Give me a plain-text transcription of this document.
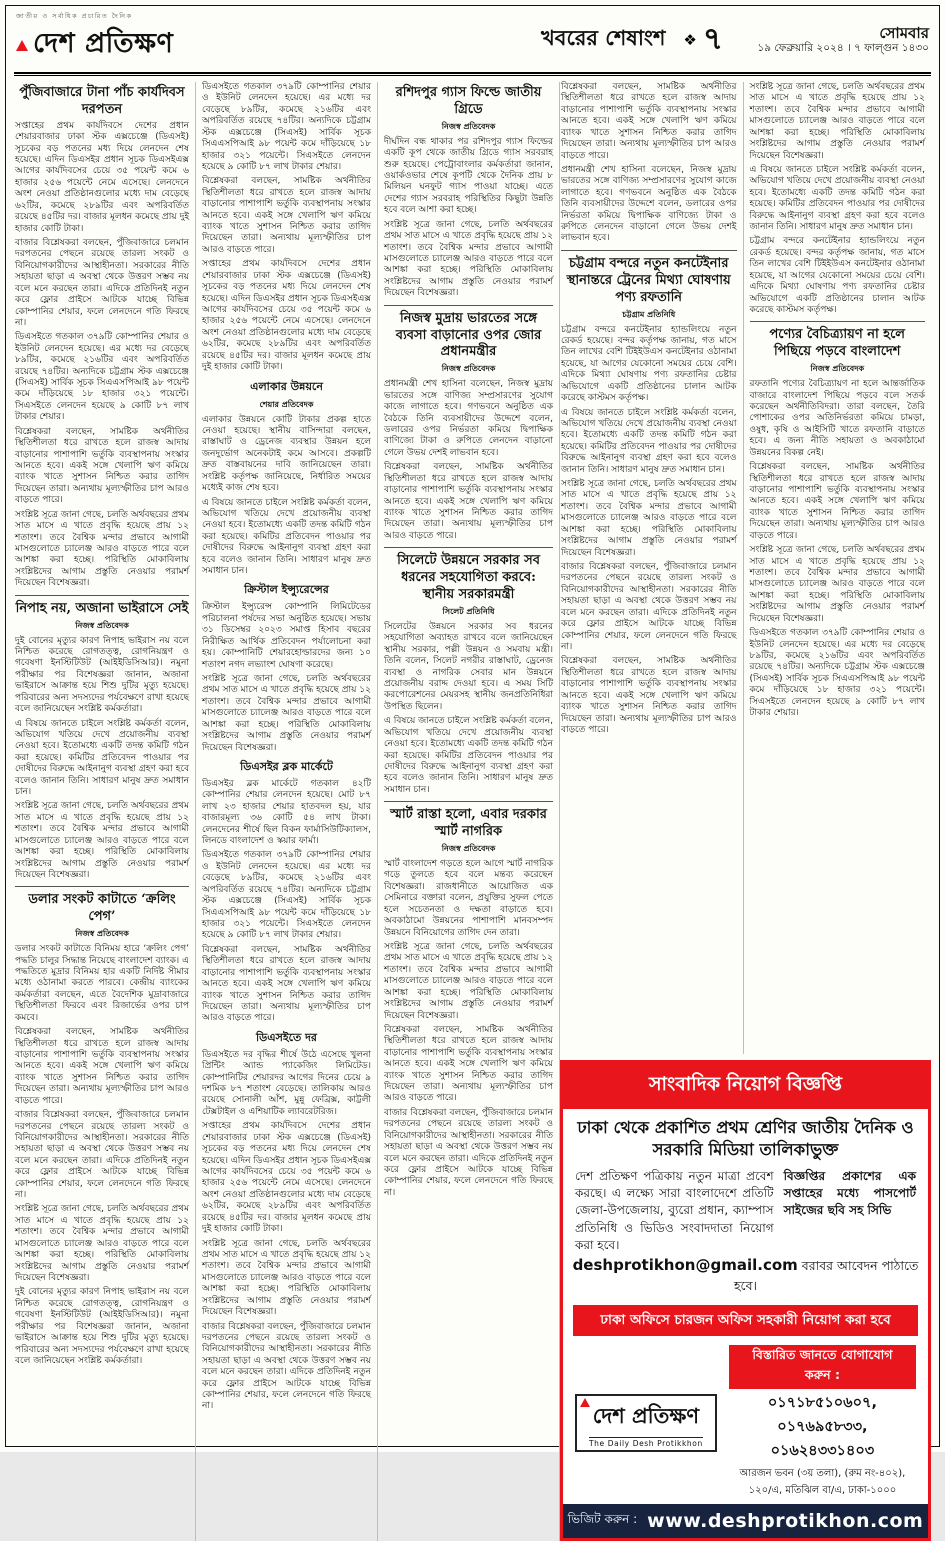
জাতীয় ও সর্বাধিক প্রচারিত দৈনিক
দেশ প্রতিক্ষণ	খবরের শেষাংশ ❖ ৭	সোমবার
১৯ ফেব্রুয়ারি ২০২৪ । ৭ ফাল্গুন ১৪৩০
পুঁজিবাজারে টানা পাঁচ কার্যদিবস দরপতন
সপ্তাহের প্রথম কার্যদিবসে দেশের প্রধান শেয়ারবাজার ঢাকা স্টক এক্সচেঞ্জে (ডিএসই) সূচকের বড় পতনের মধ্য দিয়ে লেনদেন শেষ হয়েছে। এদিন ডিএসইর প্রধান সূচক ডিএসইএক্স আগের কার্যদিবসের চেয়ে ৩৫ পয়েন্ট কমে ৬ হাজার ২৫৬ পয়েন্টে নেমে এসেছে। লেনদেনে অংশ নেওয়া প্রতিষ্ঠানগুলোর মধ্যে দাম বেড়েছে ৬২টির, কমেছে ২৮৯টির এবং অপরিবর্তিত রয়েছে ৪৫টির দর। বাজার মূলধন কমেছে প্রায় দুই হাজার কোটি টাকা।
বাজার বিশ্লেষকরা বলছেন, পুঁজিবাজারে চলমান দরপতনের পেছনে রয়েছে তারল্য সংকট ও বিনিয়োগকারীদের আস্থাহীনতা। সরকারের নীতি সহায়তা ছাড়া এ অবস্থা থেকে উত্তরণ সম্ভব নয় বলে মনে করছেন তারা। এদিকে প্রতিদিনই নতুন করে ফ্লোর প্রাইসে আটকে যাচ্ছে বিভিন্ন কোম্পানির শেয়ার, ফলে লেনদেনে গতি ফিরছে না।
ডিএসইতে গতকাল ৩৭৯টি কোম্পানির শেয়ার ও ইউনিট লেনদেন হয়েছে। এর মধ্যে দর বেড়েছে ৮৯টির, কমেছে ২১৬টির এবং অপরিবর্তিত রয়েছে ৭৪টির। অন্যদিকে চট্টগ্রাম স্টক এক্সচেঞ্জে (সিএসই) সার্বিক সূচক সিএএসপিআই ৯৮ পয়েন্ট কমে দাঁড়িয়েছে ১৮ হাজার ৩২১ পয়েন্টে। সিএসইতে লেনদেন হয়েছে ৯ কোটি ৮৭ লাখ টাকার শেয়ার।
বিশ্লেষকরা বলছেন, সামষ্টিক অর্থনীতির স্থিতিশীলতা ধরে রাখতে হলে রাজস্ব আদায় বাড়ানোর পাশাপাশি ভর্তুকি ব্যবস্থাপনায় সংস্কার আনতে হবে। একই সঙ্গে খেলাপি ঋণ কমিয়ে ব্যাংক খাতে সুশাসন নিশ্চিত করার তাগিদ দিয়েছেন তারা। অন্যথায় মূল্যস্ফীতির চাপ আরও বাড়তে পারে।
সংশ্লিষ্ট সূত্রে জানা গেছে, চলতি অর্থবছরের প্রথম সাত মাসে এ খাতে প্রবৃদ্ধি হয়েছে প্রায় ১২ শতাংশ। তবে বৈশ্বিক মন্দার প্রভাবে আগামী মাসগুলোতে চ্যালেঞ্জ আরও বাড়তে পারে বলে আশঙ্কা করা হচ্ছে। পরিস্থিতি মোকাবিলায় সংশ্লিষ্টদের আগাম প্রস্তুতি নেওয়ার পরামর্শ দিয়েছেন বিশেষজ্ঞরা।
নিপাহ নয়, অজানা ভাইরাসে সেই
নিজস্ব প্রতিবেদক
দুই বোনের মৃত্যুর কারণ নিপাহ ভাইরাস নয় বলে নিশ্চিত করেছে রোগতত্ত্ব, রোগনিয়ন্ত্রণ ও গবেষণা ইনস্টিটিউট (আইইডিসিআর)। নমুনা পরীক্ষার পর বিশেষজ্ঞরা জানান, অজানা ভাইরাসে আক্রান্ত হয়ে শিশু দুটির মৃত্যু হয়েছে। পরিবারের অন্য সদস্যদের পর্যবেক্ষণে রাখা হয়েছে বলে জানিয়েছেন সংশ্লিষ্ট কর্মকর্তারা।
এ বিষয়ে জানতে চাইলে সংশ্লিষ্ট কর্মকর্তা বলেন, অভিযোগ খতিয়ে দেখে প্রয়োজনীয় ব্যবস্থা নেওয়া হবে। ইতোমধ্যে একটি তদন্ত কমিটি গঠন করা হয়েছে। কমিটির প্রতিবেদন পাওয়ার পর দোষীদের বিরুদ্ধে আইনানুগ ব্যবস্থা গ্রহণ করা হবে বলেও জানান তিনি। সাধারণ মানুষ দ্রুত সমাধান চান।
সংশ্লিষ্ট সূত্রে জানা গেছে, চলতি অর্থবছরের প্রথম সাত মাসে এ খাতে প্রবৃদ্ধি হয়েছে প্রায় ১২ শতাংশ। তবে বৈশ্বিক মন্দার প্রভাবে আগামী মাসগুলোতে চ্যালেঞ্জ আরও বাড়তে পারে বলে আশঙ্কা করা হচ্ছে। পরিস্থিতি মোকাবিলায় সংশ্লিষ্টদের আগাম প্রস্তুতি নেওয়ার পরামর্শ দিয়েছেন বিশেষজ্ঞরা।
ডলার সংকট কাটাতে ‘ক্রলিং পেগ’
নিজস্ব প্রতিবেদক
ডলার সংকট কাটাতে বিনিময় হারে ‘ক্রলিং পেগ’ পদ্ধতি চালুর সিদ্ধান্ত নিয়েছে বাংলাদেশ ব্যাংক। এ পদ্ধতিতে মুদ্রার বিনিময় হার একটি নির্দিষ্ট সীমার মধ্যে ওঠানামা করতে পারবে। কেন্দ্রীয় ব্যাংকের কর্মকর্তারা বলছেন, এতে বৈদেশিক মুদ্রাবাজারে স্থিতিশীলতা ফিরবে এবং রিজার্ভের ওপর চাপ কমবে।
বিশ্লেষকরা বলছেন, সামষ্টিক অর্থনীতির স্থিতিশীলতা ধরে রাখতে হলে রাজস্ব আদায় বাড়ানোর পাশাপাশি ভর্তুকি ব্যবস্থাপনায় সংস্কার আনতে হবে। একই সঙ্গে খেলাপি ঋণ কমিয়ে ব্যাংক খাতে সুশাসন নিশ্চিত করার তাগিদ দিয়েছেন তারা। অন্যথায় মূল্যস্ফীতির চাপ আরও বাড়তে পারে।
বাজার বিশ্লেষকরা বলছেন, পুঁজিবাজারে চলমান দরপতনের পেছনে রয়েছে তারল্য সংকট ও বিনিয়োগকারীদের আস্থাহীনতা। সরকারের নীতি সহায়তা ছাড়া এ অবস্থা থেকে উত্তরণ সম্ভব নয় বলে মনে করছেন তারা। এদিকে প্রতিদিনই নতুন করে ফ্লোর প্রাইসে আটকে যাচ্ছে বিভিন্ন কোম্পানির শেয়ার, ফলে লেনদেনে গতি ফিরছে না।
সংশ্লিষ্ট সূত্রে জানা গেছে, চলতি অর্থবছরের প্রথম সাত মাসে এ খাতে প্রবৃদ্ধি হয়েছে প্রায় ১২ শতাংশ। তবে বৈশ্বিক মন্দার প্রভাবে আগামী মাসগুলোতে চ্যালেঞ্জ আরও বাড়তে পারে বলে আশঙ্কা করা হচ্ছে। পরিস্থিতি মোকাবিলায় সংশ্লিষ্টদের আগাম প্রস্তুতি নেওয়ার পরামর্শ দিয়েছেন বিশেষজ্ঞরা।
দুই বোনের মৃত্যুর কারণ নিপাহ ভাইরাস নয় বলে নিশ্চিত করেছে রোগতত্ত্ব, রোগনিয়ন্ত্রণ ও গবেষণা ইনস্টিটিউট (আইইডিসিআর)। নমুনা পরীক্ষার পর বিশেষজ্ঞরা জানান, অজানা ভাইরাসে আক্রান্ত হয়ে শিশু দুটির মৃত্যু হয়েছে। পরিবারের অন্য সদস্যদের পর্যবেক্ষণে রাখা হয়েছে বলে জানিয়েছেন সংশ্লিষ্ট কর্মকর্তারা।
ডিএসইতে গতকাল ৩৭৯টি কোম্পানির শেয়ার ও ইউনিট লেনদেন হয়েছে। এর মধ্যে দর বেড়েছে ৮৯টির, কমেছে ২১৬টির এবং অপরিবর্তিত রয়েছে ৭৪টির। অন্যদিকে চট্টগ্রাম স্টক এক্সচেঞ্জে (সিএসই) সার্বিক সূচক সিএএসপিআই ৯৮ পয়েন্ট কমে দাঁড়িয়েছে ১৮ হাজার ৩২১ পয়েন্টে। সিএসইতে লেনদেন হয়েছে ৯ কোটি ৮৭ লাখ টাকার শেয়ার।
বিশ্লেষকরা বলছেন, সামষ্টিক অর্থনীতির স্থিতিশীলতা ধরে রাখতে হলে রাজস্ব আদায় বাড়ানোর পাশাপাশি ভর্তুকি ব্যবস্থাপনায় সংস্কার আনতে হবে। একই সঙ্গে খেলাপি ঋণ কমিয়ে ব্যাংক খাতে সুশাসন নিশ্চিত করার তাগিদ দিয়েছেন তারা। অন্যথায় মূল্যস্ফীতির চাপ আরও বাড়তে পারে।
সপ্তাহের প্রথম কার্যদিবসে দেশের প্রধান শেয়ারবাজার ঢাকা স্টক এক্সচেঞ্জে (ডিএসই) সূচকের বড় পতনের মধ্য দিয়ে লেনদেন শেষ হয়েছে। এদিন ডিএসইর প্রধান সূচক ডিএসইএক্স আগের কার্যদিবসের চেয়ে ৩৫ পয়েন্ট কমে ৬ হাজার ২৫৬ পয়েন্টে নেমে এসেছে। লেনদেনে অংশ নেওয়া প্রতিষ্ঠানগুলোর মধ্যে দাম বেড়েছে ৬২টির, কমেছে ২৮৯টির এবং অপরিবর্তিত রয়েছে ৪৫টির দর। বাজার মূলধন কমেছে প্রায় দুই হাজার কোটি টাকা।
এলাকার উন্নয়নে
শেয়ার প্রতিবেদক
এলাকার উন্নয়নে কোটি টাকার প্রকল্প হাতে নেওয়া হয়েছে। স্থানীয় বাসিন্দারা বলছেন, রাস্তাঘাট ও ড্রেনেজ ব্যবস্থার উন্নয়ন হলে জনদুর্ভোগ অনেকটাই কমে আসবে। প্রকল্পটি দ্রুত বাস্তবায়নের দাবি জানিয়েছেন তারা। সংশ্লিষ্ট কর্তৃপক্ষ জানিয়েছে, নির্ধারিত সময়ের মধ্যেই কাজ শেষ হবে।
এ বিষয়ে জানতে চাইলে সংশ্লিষ্ট কর্মকর্তা বলেন, অভিযোগ খতিয়ে দেখে প্রয়োজনীয় ব্যবস্থা নেওয়া হবে। ইতোমধ্যে একটি তদন্ত কমিটি গঠন করা হয়েছে। কমিটির প্রতিবেদন পাওয়ার পর দোষীদের বিরুদ্ধে আইনানুগ ব্যবস্থা গ্রহণ করা হবে বলেও জানান তিনি। সাধারণ মানুষ দ্রুত সমাধান চান।
ক্রিস্টাল ইন্স্যুরেন্সের
ক্রিস্টাল ইন্স্যুরেন্স কোম্পানি লিমিটেডের পরিচালনা পর্ষদের সভা অনুষ্ঠিত হয়েছে। সভায় ৩১ ডিসেম্বর ২০২৩ সমাপ্ত হিসাব বছরের নিরীক্ষিত আর্থিক প্রতিবেদন পর্যালোচনা করা হয়। কোম্পানিটি শেয়ারহোল্ডারদের জন্য ১০ শতাংশ নগদ লভ্যাংশ ঘোষণা করেছে।
সংশ্লিষ্ট সূত্রে জানা গেছে, চলতি অর্থবছরের প্রথম সাত মাসে এ খাতে প্রবৃদ্ধি হয়েছে প্রায় ১২ শতাংশ। তবে বৈশ্বিক মন্দার প্রভাবে আগামী মাসগুলোতে চ্যালেঞ্জ আরও বাড়তে পারে বলে আশঙ্কা করা হচ্ছে। পরিস্থিতি মোকাবিলায় সংশ্লিষ্টদের আগাম প্রস্তুতি নেওয়ার পরামর্শ দিয়েছেন বিশেষজ্ঞরা।
ডিএসইর ব্লক মার্কেটে
ডিএসইর ব্লক মার্কেটে গতকাল ৪২টি কোম্পানির শেয়ার লেনদেন হয়েছে। মোট ৮৭ লাখ ২৩ হাজার শেয়ার হাতবদল হয়, যার বাজারমূল্য ৩৬ কোটি ৫৪ লাখ টাকা। লেনদেনের শীর্ষে ছিল বিকন ফার্মাসিউটিক্যালস, লিনডে বাংলাদেশ ও স্কয়ার ফার্মা।
ডিএসইতে গতকাল ৩৭৯টি কোম্পানির শেয়ার ও ইউনিট লেনদেন হয়েছে। এর মধ্যে দর বেড়েছে ৮৯টির, কমেছে ২১৬টির এবং অপরিবর্তিত রয়েছে ৭৪টির। অন্যদিকে চট্টগ্রাম স্টক এক্সচেঞ্জে (সিএসই) সার্বিক সূচক সিএএসপিআই ৯৮ পয়েন্ট কমে দাঁড়িয়েছে ১৮ হাজার ৩২১ পয়েন্টে। সিএসইতে লেনদেন হয়েছে ৯ কোটি ৮৭ লাখ টাকার শেয়ার।
বিশ্লেষকরা বলছেন, সামষ্টিক অর্থনীতির স্থিতিশীলতা ধরে রাখতে হলে রাজস্ব আদায় বাড়ানোর পাশাপাশি ভর্তুকি ব্যবস্থাপনায় সংস্কার আনতে হবে। একই সঙ্গে খেলাপি ঋণ কমিয়ে ব্যাংক খাতে সুশাসন নিশ্চিত করার তাগিদ দিয়েছেন তারা। অন্যথায় মূল্যস্ফীতির চাপ আরও বাড়তে পারে।
ডিএসইতে দর
ডিএসইতে দর বৃদ্ধির শীর্ষে উঠে এসেছে খুলনা প্রিন্টিং অ্যান্ড প্যাকেজিং লিমিটেড। কোম্পানিটির শেয়ারদর আগের দিনের চেয়ে ৯ দশমিক ৮৭ শতাংশ বেড়েছে। তালিকায় আরও রয়েছে সোনালী আঁশ, মুন্নু ফেব্রিক্স, কাট্টলী টেক্সটাইল ও এশিয়াটিক ল্যাবরেটরিজ।
সপ্তাহের প্রথম কার্যদিবসে দেশের প্রধান শেয়ারবাজার ঢাকা স্টক এক্সচেঞ্জে (ডিএসই) সূচকের বড় পতনের মধ্য দিয়ে লেনদেন শেষ হয়েছে। এদিন ডিএসইর প্রধান সূচক ডিএসইএক্স আগের কার্যদিবসের চেয়ে ৩৫ পয়েন্ট কমে ৬ হাজার ২৫৬ পয়েন্টে নেমে এসেছে। লেনদেনে অংশ নেওয়া প্রতিষ্ঠানগুলোর মধ্যে দাম বেড়েছে ৬২টির, কমেছে ২৮৯টির এবং অপরিবর্তিত রয়েছে ৪৫টির দর। বাজার মূলধন কমেছে প্রায় দুই হাজার কোটি টাকা।
সংশ্লিষ্ট সূত্রে জানা গেছে, চলতি অর্থবছরের প্রথম সাত মাসে এ খাতে প্রবৃদ্ধি হয়েছে প্রায় ১২ শতাংশ। তবে বৈশ্বিক মন্দার প্রভাবে আগামী মাসগুলোতে চ্যালেঞ্জ আরও বাড়তে পারে বলে আশঙ্কা করা হচ্ছে। পরিস্থিতি মোকাবিলায় সংশ্লিষ্টদের আগাম প্রস্তুতি নেওয়ার পরামর্শ দিয়েছেন বিশেষজ্ঞরা।
বাজার বিশ্লেষকরা বলছেন, পুঁজিবাজারে চলমান দরপতনের পেছনে রয়েছে তারল্য সংকট ও বিনিয়োগকারীদের আস্থাহীনতা। সরকারের নীতি সহায়তা ছাড়া এ অবস্থা থেকে উত্তরণ সম্ভব নয় বলে মনে করছেন তারা। এদিকে প্রতিদিনই নতুন করে ফ্লোর প্রাইসে আটকে যাচ্ছে বিভিন্ন কোম্পানির শেয়ার, ফলে লেনদেনে গতি ফিরছে না।
রশিদপুর গ্যাস ফিল্ডে জাতীয় গ্রিডে
নিজস্ব প্রতিবেদক
দীর্ঘদিন বন্ধ থাকার পর রশিদপুর গ্যাস ফিল্ডের একটি কূপ থেকে জাতীয় গ্রিডে গ্যাস সরবরাহ শুরু হয়েছে। পেট্রোবাংলার কর্মকর্তারা জানান, ওয়ার্কওভার শেষে কূপটি থেকে দৈনিক প্রায় ৮ মিলিয়ন ঘনফুট গ্যাস পাওয়া যাচ্ছে। এতে দেশের গ্যাস সরবরাহ পরিস্থিতির কিছুটা উন্নতি হবে বলে আশা করা হচ্ছে।
সংশ্লিষ্ট সূত্রে জানা গেছে, চলতি অর্থবছরের প্রথম সাত মাসে এ খাতে প্রবৃদ্ধি হয়েছে প্রায় ১২ শতাংশ। তবে বৈশ্বিক মন্দার প্রভাবে আগামী মাসগুলোতে চ্যালেঞ্জ আরও বাড়তে পারে বলে আশঙ্কা করা হচ্ছে। পরিস্থিতি মোকাবিলায় সংশ্লিষ্টদের আগাম প্রস্তুতি নেওয়ার পরামর্শ দিয়েছেন বিশেষজ্ঞরা।
নিজস্ব মুদ্রায় ভারতের সঙ্গে ব্যবসা বাড়ানোর ওপর জোর প্রধানমন্ত্রীর
নিজস্ব প্রতিবেদক
প্রধানমন্ত্রী শেখ হাসিনা বলেছেন, নিজস্ব মুদ্রায় ভারতের সঙ্গে বাণিজ্য সম্প্রসারণের সুযোগ কাজে লাগাতে হবে। গণভবনে অনুষ্ঠিত এক বৈঠকে তিনি ব্যবসায়ীদের উদ্দেশে বলেন, ডলারের ওপর নির্ভরতা কমিয়ে দ্বিপাক্ষিক বাণিজ্যে টাকা ও রুপিতে লেনদেন বাড়ানো গেলে উভয় দেশই লাভবান হবে।
বিশ্লেষকরা বলছেন, সামষ্টিক অর্থনীতির স্থিতিশীলতা ধরে রাখতে হলে রাজস্ব আদায় বাড়ানোর পাশাপাশি ভর্তুকি ব্যবস্থাপনায় সংস্কার আনতে হবে। একই সঙ্গে খেলাপি ঋণ কমিয়ে ব্যাংক খাতে সুশাসন নিশ্চিত করার তাগিদ দিয়েছেন তারা। অন্যথায় মূল্যস্ফীতির চাপ আরও বাড়তে পারে।
সিলেটে উন্নয়নে সরকার সব ধরনের সহযোগিতা করবে: স্থানীয় সরকারমন্ত্রী
সিলেট প্রতিনিধি
সিলেটের উন্নয়নে সরকার সব ধরনের সহযোগিতা অব্যাহত রাখবে বলে জানিয়েছেন স্থানীয় সরকার, পল্লী উন্নয়ন ও সমবায় মন্ত্রী। তিনি বলেন, সিলেট নগরীর রাস্তাঘাট, ড্রেনেজ ব্যবস্থা ও নাগরিক সেবার মান উন্নয়নে প্রয়োজনীয় বরাদ্দ দেওয়া হবে। এ সময় সিটি করপোরেশনের মেয়রসহ স্থানীয় জনপ্রতিনিধিরা উপস্থিত ছিলেন।
এ বিষয়ে জানতে চাইলে সংশ্লিষ্ট কর্মকর্তা বলেন, অভিযোগ খতিয়ে দেখে প্রয়োজনীয় ব্যবস্থা নেওয়া হবে। ইতোমধ্যে একটি তদন্ত কমিটি গঠন করা হয়েছে। কমিটির প্রতিবেদন পাওয়ার পর দোষীদের বিরুদ্ধে আইনানুগ ব্যবস্থা গ্রহণ করা হবে বলেও জানান তিনি। সাধারণ মানুষ দ্রুত সমাধান চান।
স্মার্ট রাস্তা হলো, এবার দরকার স্মার্ট নাগরিক
নিজস্ব প্রতিবেদক
স্মার্ট বাংলাদেশ গড়তে হলে আগে স্মার্ট নাগরিক গড়ে তুলতে হবে বলে মন্তব্য করেছেন বিশেষজ্ঞরা। রাজধানীতে আয়োজিত এক সেমিনারে বক্তারা বলেন, প্রযুক্তির সুফল পেতে হলে সচেতনতা ও দক্ষতা বাড়াতে হবে। অবকাঠামো উন্নয়নের পাশাপাশি মানবসম্পদ উন্নয়নে বিনিয়োগের তাগিদ দেন তারা।
সংশ্লিষ্ট সূত্রে জানা গেছে, চলতি অর্থবছরের প্রথম সাত মাসে এ খাতে প্রবৃদ্ধি হয়েছে প্রায় ১২ শতাংশ। তবে বৈশ্বিক মন্দার প্রভাবে আগামী মাসগুলোতে চ্যালেঞ্জ আরও বাড়তে পারে বলে আশঙ্কা করা হচ্ছে। পরিস্থিতি মোকাবিলায় সংশ্লিষ্টদের আগাম প্রস্তুতি নেওয়ার পরামর্শ দিয়েছেন বিশেষজ্ঞরা।
বিশ্লেষকরা বলছেন, সামষ্টিক অর্থনীতির স্থিতিশীলতা ধরে রাখতে হলে রাজস্ব আদায় বাড়ানোর পাশাপাশি ভর্তুকি ব্যবস্থাপনায় সংস্কার আনতে হবে। একই সঙ্গে খেলাপি ঋণ কমিয়ে ব্যাংক খাতে সুশাসন নিশ্চিত করার তাগিদ দিয়েছেন তারা। অন্যথায় মূল্যস্ফীতির চাপ আরও বাড়তে পারে।
বাজার বিশ্লেষকরা বলছেন, পুঁজিবাজারে চলমান দরপতনের পেছনে রয়েছে তারল্য সংকট ও বিনিয়োগকারীদের আস্থাহীনতা। সরকারের নীতি সহায়তা ছাড়া এ অবস্থা থেকে উত্তরণ সম্ভব নয় বলে মনে করছেন তারা। এদিকে প্রতিদিনই নতুন করে ফ্লোর প্রাইসে আটকে যাচ্ছে বিভিন্ন কোম্পানির শেয়ার, ফলে লেনদেনে গতি ফিরছে না।
বিশ্লেষকরা বলছেন, সামষ্টিক অর্থনীতির স্থিতিশীলতা ধরে রাখতে হলে রাজস্ব আদায় বাড়ানোর পাশাপাশি ভর্তুকি ব্যবস্থাপনায় সংস্কার আনতে হবে। একই সঙ্গে খেলাপি ঋণ কমিয়ে ব্যাংক খাতে সুশাসন নিশ্চিত করার তাগিদ দিয়েছেন তারা। অন্যথায় মূল্যস্ফীতির চাপ আরও বাড়তে পারে।
প্রধানমন্ত্রী শেখ হাসিনা বলেছেন, নিজস্ব মুদ্রায় ভারতের সঙ্গে বাণিজ্য সম্প্রসারণের সুযোগ কাজে লাগাতে হবে। গণভবনে অনুষ্ঠিত এক বৈঠকে তিনি ব্যবসায়ীদের উদ্দেশে বলেন, ডলারের ওপর নির্ভরতা কমিয়ে দ্বিপাক্ষিক বাণিজ্যে টাকা ও রুপিতে লেনদেন বাড়ানো গেলে উভয় দেশই লাভবান হবে।
চট্টগ্রাম বন্দরে নতুন কনটেইনার স্থানান্তরে ট্রেনের মিথ্যা ঘোষণায় পণ্য রফতানি
চট্টগ্রাম প্রতিনিধি
চট্টগ্রাম বন্দরে কনটেইনার হ্যান্ডলিংয়ে নতুন রেকর্ড হয়েছে। বন্দর কর্তৃপক্ষ জানায়, গত মাসে তিন লাখের বেশি টিইইউএস কনটেইনার ওঠানামা হয়েছে, যা আগের যেকোনো সময়ের চেয়ে বেশি। এদিকে মিথ্যা ঘোষণায় পণ্য রফতানির চেষ্টার অভিযোগে একটি প্রতিষ্ঠানের চালান আটক করেছে কাস্টমস কর্তৃপক্ষ।
এ বিষয়ে জানতে চাইলে সংশ্লিষ্ট কর্মকর্তা বলেন, অভিযোগ খতিয়ে দেখে প্রয়োজনীয় ব্যবস্থা নেওয়া হবে। ইতোমধ্যে একটি তদন্ত কমিটি গঠন করা হয়েছে। কমিটির প্রতিবেদন পাওয়ার পর দোষীদের বিরুদ্ধে আইনানুগ ব্যবস্থা গ্রহণ করা হবে বলেও জানান তিনি। সাধারণ মানুষ দ্রুত সমাধান চান।
সংশ্লিষ্ট সূত্রে জানা গেছে, চলতি অর্থবছরের প্রথম সাত মাসে এ খাতে প্রবৃদ্ধি হয়েছে প্রায় ১২ শতাংশ। তবে বৈশ্বিক মন্দার প্রভাবে আগামী মাসগুলোতে চ্যালেঞ্জ আরও বাড়তে পারে বলে আশঙ্কা করা হচ্ছে। পরিস্থিতি মোকাবিলায় সংশ্লিষ্টদের আগাম প্রস্তুতি নেওয়ার পরামর্শ দিয়েছেন বিশেষজ্ঞরা।
বাজার বিশ্লেষকরা বলছেন, পুঁজিবাজারে চলমান দরপতনের পেছনে রয়েছে তারল্য সংকট ও বিনিয়োগকারীদের আস্থাহীনতা। সরকারের নীতি সহায়তা ছাড়া এ অবস্থা থেকে উত্তরণ সম্ভব নয় বলে মনে করছেন তারা। এদিকে প্রতিদিনই নতুন করে ফ্লোর প্রাইসে আটকে যাচ্ছে বিভিন্ন কোম্পানির শেয়ার, ফলে লেনদেনে গতি ফিরছে না।
বিশ্লেষকরা বলছেন, সামষ্টিক অর্থনীতির স্থিতিশীলতা ধরে রাখতে হলে রাজস্ব আদায় বাড়ানোর পাশাপাশি ভর্তুকি ব্যবস্থাপনায় সংস্কার আনতে হবে। একই সঙ্গে খেলাপি ঋণ কমিয়ে ব্যাংক খাতে সুশাসন নিশ্চিত করার তাগিদ দিয়েছেন তারা। অন্যথায় মূল্যস্ফীতির চাপ আরও বাড়তে পারে।
সংশ্লিষ্ট সূত্রে জানা গেছে, চলতি অর্থবছরের প্রথম সাত মাসে এ খাতে প্রবৃদ্ধি হয়েছে প্রায় ১২ শতাংশ। তবে বৈশ্বিক মন্দার প্রভাবে আগামী মাসগুলোতে চ্যালেঞ্জ আরও বাড়তে পারে বলে আশঙ্কা করা হচ্ছে। পরিস্থিতি মোকাবিলায় সংশ্লিষ্টদের আগাম প্রস্তুতি নেওয়ার পরামর্শ দিয়েছেন বিশেষজ্ঞরা।
এ বিষয়ে জানতে চাইলে সংশ্লিষ্ট কর্মকর্তা বলেন, অভিযোগ খতিয়ে দেখে প্রয়োজনীয় ব্যবস্থা নেওয়া হবে। ইতোমধ্যে একটি তদন্ত কমিটি গঠন করা হয়েছে। কমিটির প্রতিবেদন পাওয়ার পর দোষীদের বিরুদ্ধে আইনানুগ ব্যবস্থা গ্রহণ করা হবে বলেও জানান তিনি। সাধারণ মানুষ দ্রুত সমাধান চান।
চট্টগ্রাম বন্দরে কনটেইনার হ্যান্ডলিংয়ে নতুন রেকর্ড হয়েছে। বন্দর কর্তৃপক্ষ জানায়, গত মাসে তিন লাখের বেশি টিইইউএস কনটেইনার ওঠানামা হয়েছে, যা আগের যেকোনো সময়ের চেয়ে বেশি। এদিকে মিথ্যা ঘোষণায় পণ্য রফতানির চেষ্টার অভিযোগে একটি প্রতিষ্ঠানের চালান আটক করেছে কাস্টমস কর্তৃপক্ষ।
পণ্যের বৈচিত্র্যায়ণ না হলে পিছিয়ে পড়বে বাংলাদেশ
নিজস্ব প্রতিবেদক
রফতানি পণ্যের বৈচিত্র্যায়ণ না হলে আন্তর্জাতিক বাজারে বাংলাদেশ পিছিয়ে পড়বে বলে সতর্ক করেছেন অর্থনীতিবিদরা। তারা বলছেন, তৈরি পোশাকের ওপর অতিনির্ভরতা কমিয়ে চামড়া, ওষুধ, কৃষি ও আইসিটি খাতে রফতানি বাড়াতে হবে। এ জন্য নীতি সহায়তা ও অবকাঠামো উন্নয়নের বিকল্প নেই।
বিশ্লেষকরা বলছেন, সামষ্টিক অর্থনীতির স্থিতিশীলতা ধরে রাখতে হলে রাজস্ব আদায় বাড়ানোর পাশাপাশি ভর্তুকি ব্যবস্থাপনায় সংস্কার আনতে হবে। একই সঙ্গে খেলাপি ঋণ কমিয়ে ব্যাংক খাতে সুশাসন নিশ্চিত করার তাগিদ দিয়েছেন তারা। অন্যথায় মূল্যস্ফীতির চাপ আরও বাড়তে পারে।
সংশ্লিষ্ট সূত্রে জানা গেছে, চলতি অর্থবছরের প্রথম সাত মাসে এ খাতে প্রবৃদ্ধি হয়েছে প্রায় ১২ শতাংশ। তবে বৈশ্বিক মন্দার প্রভাবে আগামী মাসগুলোতে চ্যালেঞ্জ আরও বাড়তে পারে বলে আশঙ্কা করা হচ্ছে। পরিস্থিতি মোকাবিলায় সংশ্লিষ্টদের আগাম প্রস্তুতি নেওয়ার পরামর্শ দিয়েছেন বিশেষজ্ঞরা।
ডিএসইতে গতকাল ৩৭৯টি কোম্পানির শেয়ার ও ইউনিট লেনদেন হয়েছে। এর মধ্যে দর বেড়েছে ৮৯টির, কমেছে ২১৬টির এবং অপরিবর্তিত রয়েছে ৭৪টির। অন্যদিকে চট্টগ্রাম স্টক এক্সচেঞ্জে (সিএসই) সার্বিক সূচক সিএএসপিআই ৯৮ পয়েন্ট কমে দাঁড়িয়েছে ১৮ হাজার ৩২১ পয়েন্টে। সিএসইতে লেনদেন হয়েছে ৯ কোটি ৮৭ লাখ টাকার শেয়ার।
সাংবাদিক নিয়োগ বিজ্ঞপ্তি
ঢাকা থেকে প্রকাশিত প্রথম শ্রেণির জাতীয় দৈনিক ও সরকারি মিডিয়া তালিকাভুক্ত
দেশ প্রতিক্ষণ পত্রিকায় নতুন মাত্রা প্রবেশ করছে। এ লক্ষ্যে সারা বাংলাদেশে প্রতিটি জেলা-উপজেলায়, ব্যুরো প্রধান, ক্যাম্পাস প্রতিনিধি ও ভিডিও সংবাদদাতা নিয়োগ করা হবে।
বিজ্ঞপ্তির প্রকাশের এক সপ্তাহের মধ্যে পাসপোর্ট সাইজের ছবি সহ সিভি
deshprotikhon@gmail.com বরাবর আবেদন পাঠাতে হবে।
ঢাকা অফিসে চারজন অফিস সহকারী নিয়োগ করা হবে
দেশ প্রতিক্ষণ
The Daily Desh Protikkhon
বিস্তারিত জানতে যোগাযোগ করুন :
০১৭১৮৫১০৬০৭, ০১৭৬৯৫৮৩৩, ০১৬২৪৩৩১৪০৩
আরজন ভবন (৩য় তলা), (রুম নং-৪০২), ১২০/এ, মতিঝিল বা/এ, ঢাকা-১০০০
ভিজিট করুন : www.deshprotikhon.com
